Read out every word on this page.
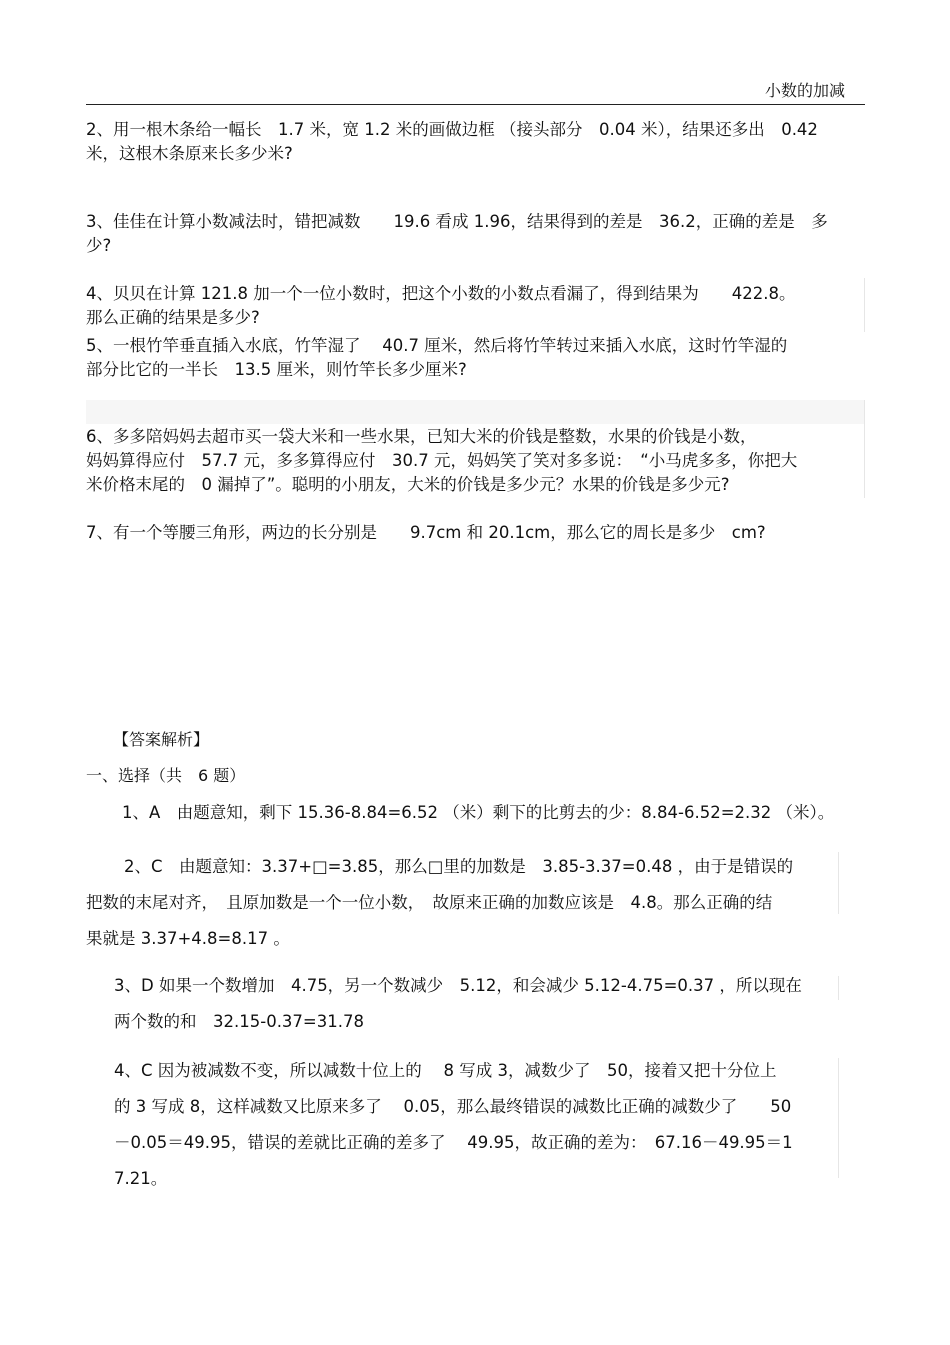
小数的加减

2、用一根木条给一幅长　1.7 米，宽 1.2 米的画做边框 （接头部分　0.04 米），结果还多出　0.42

米，这根木条原来长多少米?

3、佳佳在计算小数减法时，错把减数　　19.6 看成 1.96，结果得到的差是　36.2，正确的差是　多

少?

4、贝贝在计算 121.8 加一个一位小数时，把这个小数的小数点看漏了，得到结果为　　422.8。

那么正确的结果是多少?

5、一根竹竿垂直插入水底，竹竿湿了　 40.7 厘米，然后将竹竿转过来插入水底，这时竹竿湿的

部分比它的一半长　13.5 厘米，则竹竿长多少厘米?

6、多多陪妈妈去超市买一袋大米和一些水果，已知大米的价钱是整数，水果的价钱是小数，

妈妈算得应付　57.7 元，多多算得应付　30.7 元，妈妈笑了笑对多多说：　“小马虎多多，你把大

米价格末尾的　0 漏掉了”。聪明的小朋友，大米的价钱是多少元？水果的价钱是多少元?

7、有一个等腰三角形，两边的长分别是　　9.7cm 和 20.1cm，那么它的周长是多少　cm?

【答案解析】
一、选择（共　6 题）

1、A　由题意知，剩下 15.36-8.84=6.52 （米）剩下的比剪去的少：8.84-6.52=2.32 （米）。

2、C　由题意知：3.37+□=3.85，那么□里的加数是　3.85-3.37=0.48 ，由于是错误的

把数的末尾对齐，　且原加数是一个一位小数，　故原来正确的加数应该是　4.8。那么正确的结

果就是 3.37+4.8=8.17 。

3、D 如果一个数增加　4.75，另一个数减少　5.12，和会减少 5.12-4.75=0.37 ，所以现在

两个数的和　32.15-0.37=31.78

4、C 因为被减数不变，所以减数十位上的　 8 写成 3，减数少了　50，接着又把十分位上

的 3 写成 8，这样减数又比原来多了　 0.05，那么最终错误的减数比正确的减数少了　　50

－0.05＝49.95，错误的差就比正确的差多了　 49.95，故正确的差为：　67.16－49.95＝1

7.21。
